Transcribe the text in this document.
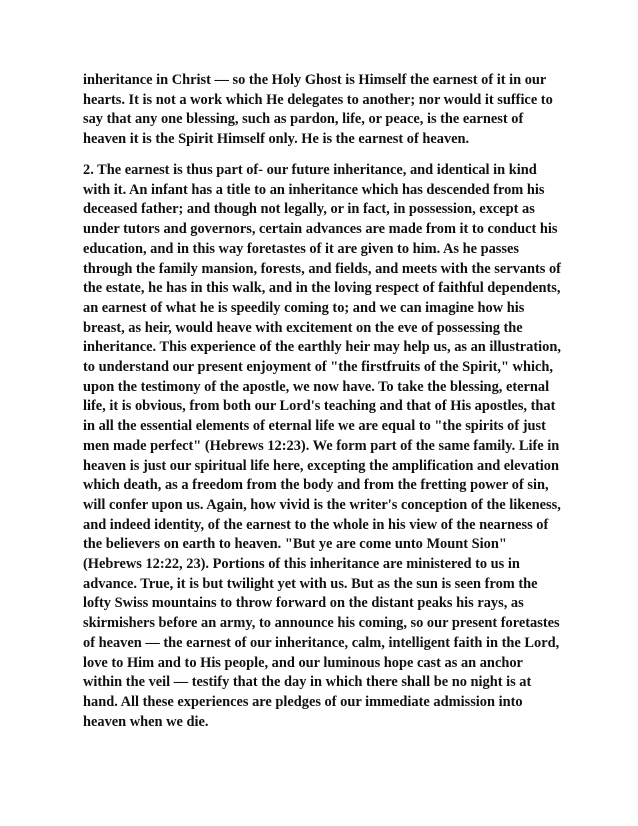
inheritance in Christ — so the Holy Ghost is Himself the earnest of it in our
hearts. It is not a work which He delegates to another; nor would it suffice to
say that any one blessing, such as pardon, life, or peace, is the earnest of
heaven it is the Spirit Himself only. He is the earnest of heaven.

2. The earnest is thus part of- our future inheritance, and identical in kind
with it. An infant has a title to an inheritance which has descended from his
deceased father; and though not legally, or in fact, in possession, except as
under tutors and governors, certain advances are made from it to conduct his
education, and in this way foretastes of it are given to him. As he passes
through the family mansion, forests, and fields, and meets with the servants of
the estate, he has in this walk, and in the loving respect of faithful dependents,
an earnest of what he is speedily coming to; and we can imagine how his
breast, as heir, would heave with excitement on the eve of possessing the
inheritance. This experience of the earthly heir may help us, as an illustration,
to understand our present enjoyment of "the firstfruits of the Spirit," which,
upon the testimony of the apostle, we now have. To take the blessing, eternal
life, it is obvious, from both our Lord's teaching and that of His apostles, that
in all the essential elements of eternal life we are equal to "the spirits of just
men made perfect" (Hebrews 12:23). We form part of the same family. Life in
heaven is just our spiritual life here, excepting the amplification and elevation
which death, as a freedom from the body and from the fretting power of sin,
will confer upon us. Again, how vivid is the writer's conception of the likeness,
and indeed identity, of the earnest to the whole in his view of the nearness of
the believers on earth to heaven. "But ye are come unto Mount Sion"
(Hebrews 12:22, 23). Portions of this inheritance are ministered to us in
advance. True, it is but twilight yet with us. But as the sun is seen from the
lofty Swiss mountains to throw forward on the distant peaks his rays, as
skirmishers before an army, to announce his coming, so our present foretastes
of heaven — the earnest of our inheritance, calm, intelligent faith in the Lord,
love to Him and to His people, and our luminous hope cast as an anchor
within the veil — testify that the day in which there shall be no night is at
hand. All these experiences are pledges of our immediate admission into
heaven when we die.
